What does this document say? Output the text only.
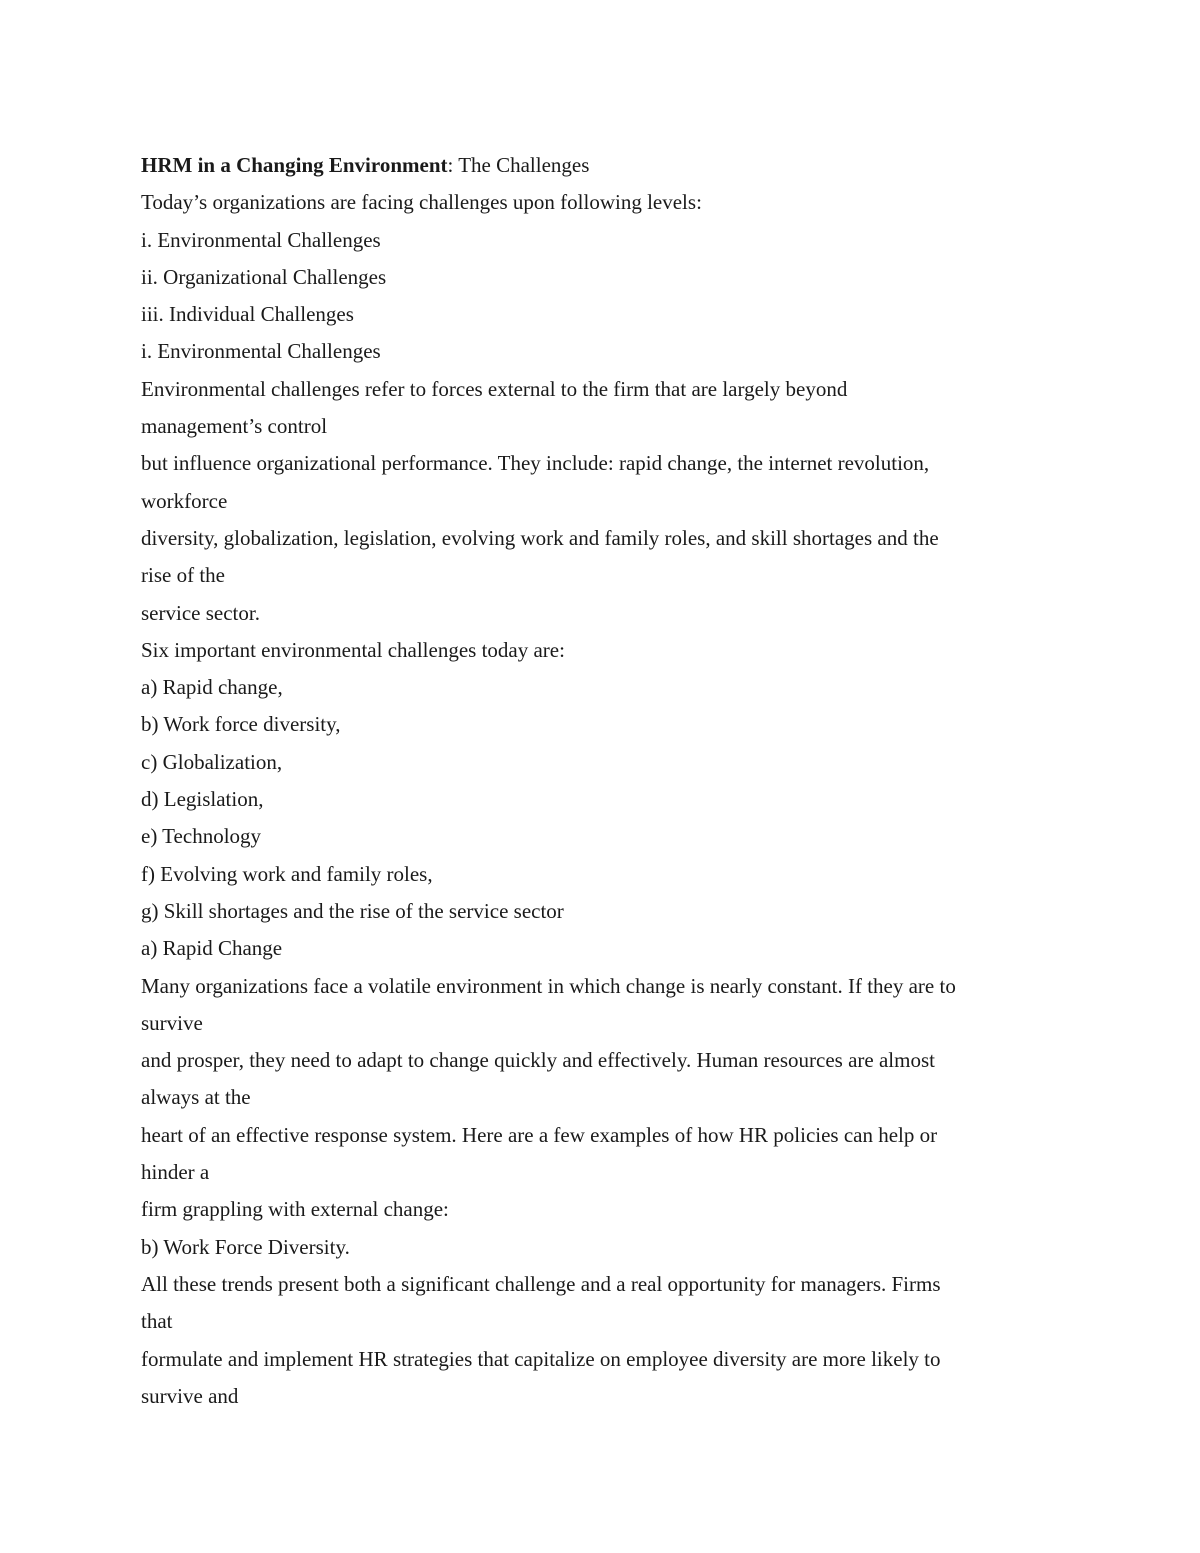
HRM in a Changing Environment: The Challenges
Today’s organizations are facing challenges upon following levels:
i. Environmental Challenges
ii. Organizational Challenges
iii. Individual Challenges
i. Environmental Challenges
Environmental challenges refer to forces external to the firm that are largely beyond
management’s control
but influence organizational performance. They include: rapid change, the internet revolution,
workforce
diversity, globalization, legislation, evolving work and family roles, and skill shortages and the
rise of the
service sector.
Six important environmental challenges today are:
a) Rapid change,
b) Work force diversity,
c) Globalization,
d) Legislation,
e) Technology
f) Evolving work and family roles,
g) Skill shortages and the rise of the service sector
a) Rapid Change
Many organizations face a volatile environment in which change is nearly constant. If they are to
survive
and prosper, they need to adapt to change quickly and effectively. Human resources are almost
always at the
heart of an effective response system. Here are a few examples of how HR policies can help or
hinder a
firm grappling with external change:
b) Work Force Diversity.
All these trends present both a significant challenge and a real opportunity for managers. Firms
that
formulate and implement HR strategies that capitalize on employee diversity are more likely to
survive and
